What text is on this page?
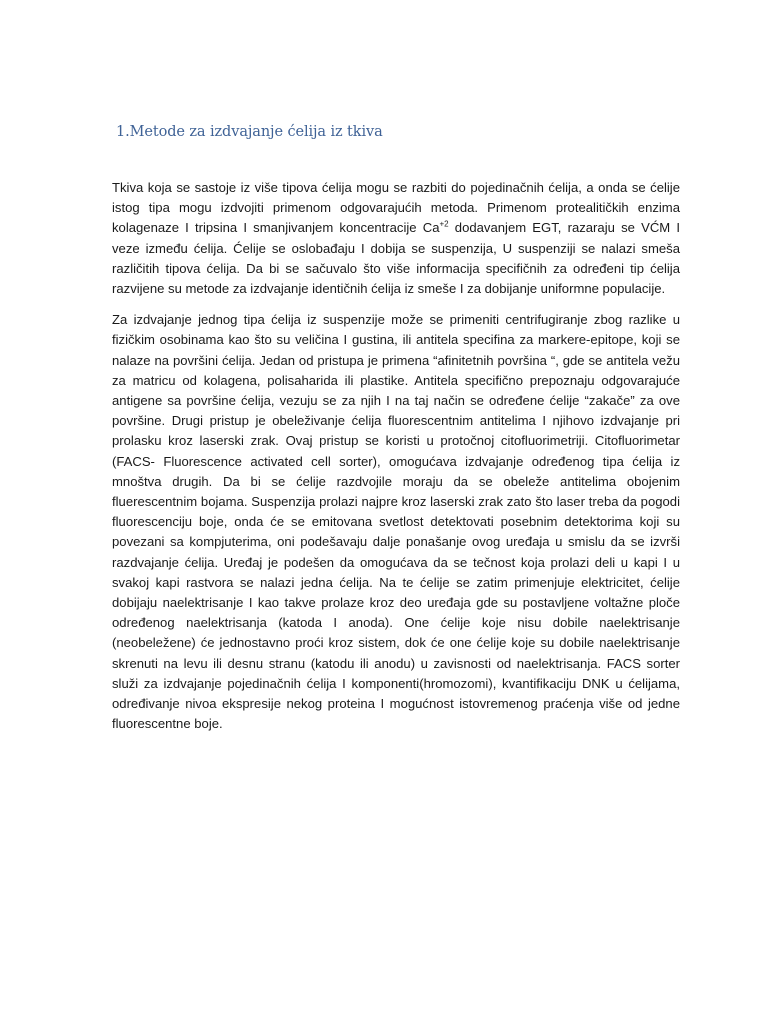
1.Metode za izdvajanje ćelija iz tkiva

Tkiva koja se sastoje iz više tipova ćelija mogu se razbiti do pojedinačnih ćelija, a onda se ćelije istog tipa mogu izdvojiti primenom odgovarajućih metoda. Primenom protealitičkih enzima kolagenaze I tripsina I smanjivanjem koncentracije $Ca^{+2}$ dodavanjem EGT, razaraju se VĆM I veze između ćelija. Ćelije se oslobađaju I dobija se suspenzija, U suspenziji se nalazi smeša različitih tipova ćelija. Da bi se sačuvalo što više informacija specifičnih za određeni tip ćelija razvijene su metode za izdvajanje identičnih ćelija iz smeše I za dobijanje uniformne populacije.

Za izdvajanje jednog tipa ćelija iz suspenzije može se primeniti centrifugiranje zbog razlike u fizičkim osobinama kao što su veličina I gustina, ili antitela specifina za markere-epitope, koji se nalaze na površini ćelija. Jedan od pristupa je primena “afinitetnih površina “, gde se antitela vežu za matricu od kolagena, polisaharida ili plastike. Antitela specifično prepoznaju odgovarajuće antigene sa površine ćelija, vezuju se za njih I na taj način se određene ćelije “zakače” za ove površine. Drugi pristup je obeleživanje ćelija fluorescentnim antitelima I njihovo izdvajanje pri prolasku kroz laserski zrak. Ovaj pristup se koristi u protočnoj citofluorimetriji. Citofluorimetar (FACS- Fluorescence activated cell sorter), omogućava izdvajanje određenog tipa ćelija iz mnoštva drugih. Da bi se ćelije razdvojile moraju da se obeleže antitelima obojenim fluerescentnim bojama. Suspenzija prolazi najpre kroz laserski zrak zato što laser treba da pogodi fluorescenciju boje, onda će se emitovana svetlost detektovati posebnim detektorima koji su povezani sa kompjuterima, oni podešavaju dalje ponašanje ovog uređaja u smislu da se izvrši razdvajanje ćelija. Uređaj je podešen da omogućava da se tečnost koja prolazi deli u kapi I u svakoj kapi rastvora se nalazi jedna ćelija. Na te ćelije se zatim primenjuje elektricitet, ćelije dobijaju naelektrisanje I kao takve prolaze kroz deo uređaja gde su postavljene voltažne ploče određenog naelektrisanja (katoda I anoda). One ćelije koje nisu dobile naelektrisanje (neobeležene) će jednostavno proći kroz sistem, dok će one ćelije koje su dobile naelektrisanje skrenuti na levu ili desnu stranu (katodu ili anodu) u zavisnosti od naelektrisanja. FACS sorter služi za izdvajanje pojedinačnih ćelija I komponenti(hromozomi), kvantifikaciju DNK u ćelijama, određivanje nivoa ekspresije nekog proteina I mogućnost istovremenog praćenja više od jedne fluorescentne boje.
